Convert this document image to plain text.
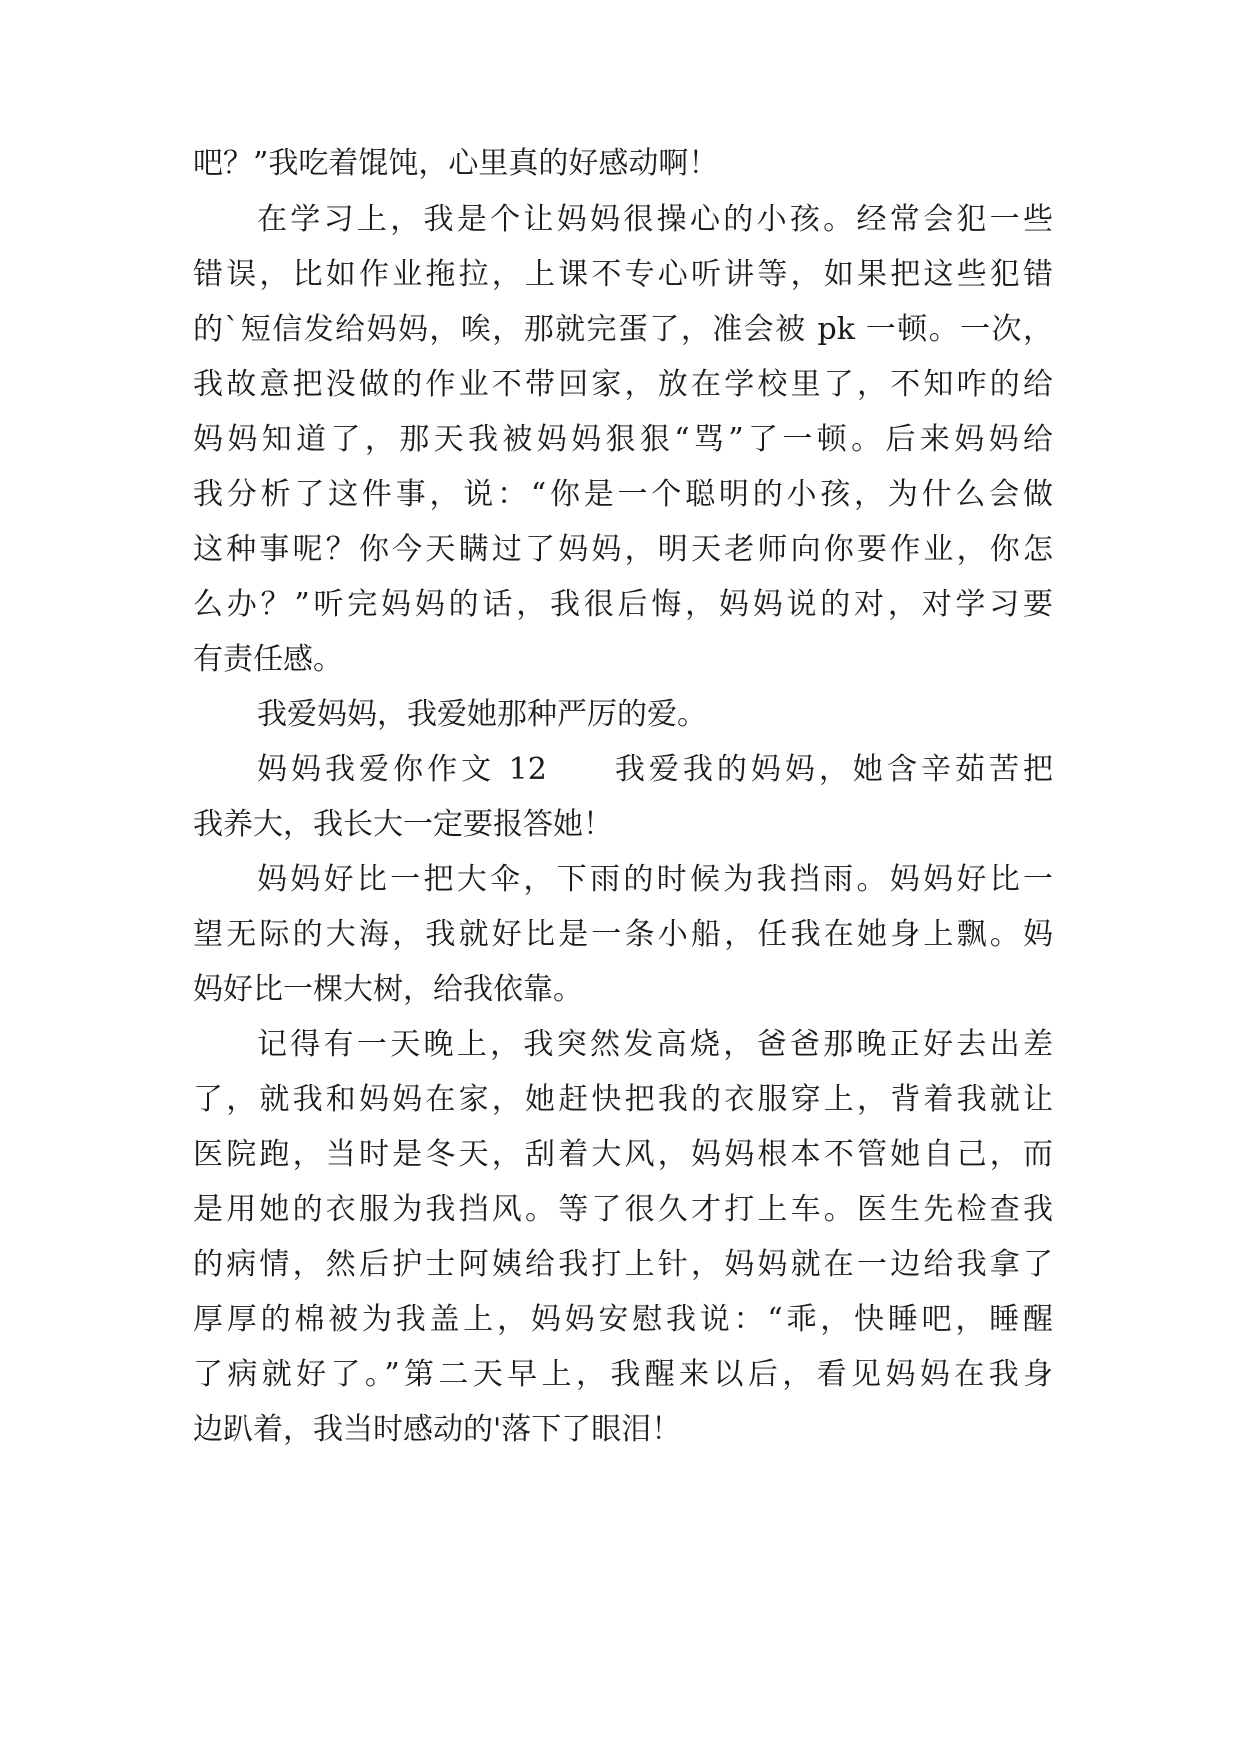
吧？”我吃着馄饨，心里真的好感动啊！
在学习上，我是个让妈妈很操心的小孩。经常会犯一些
错误，比如作业拖拉，上课不专心听讲等，如果把这些犯错
的`短信发给妈妈，唉，那就完蛋了，准会被 pk 一顿。一次，
我故意把没做的作业不带回家，放在学校里了，不知咋的给
妈妈知道了，那天我被妈妈狠狠“骂”了一顿。后来妈妈给
我分析了这件事，说：“你是一个聪明的小孩，为什么会做
这种事呢？你今天瞒过了妈妈，明天老师向你要作业，你怎
么办？”听完妈妈的话，我很后悔，妈妈说的对，对学习要
有责任感。
我爱妈妈，我爱她那种严厉的爱。
妈妈我爱你作文 12 我爱我的妈妈，她含辛茹苦把
我养大，我长大一定要报答她！
妈妈好比一把大伞，下雨的时候为我挡雨。妈妈好比一
望无际的大海，我就好比是一条小船，任我在她身上飘。妈
妈好比一棵大树，给我依靠。
记得有一天晚上，我突然发高烧，爸爸那晚正好去出差
了，就我和妈妈在家，她赶快把我的衣服穿上，背着我就让
医院跑，当时是冬天，刮着大风，妈妈根本不管她自己，而
是用她的衣服为我挡风。等了很久才打上车。医生先检查我
的病情，然后护士阿姨给我打上针，妈妈就在一边给我拿了
厚厚的棉被为我盖上，妈妈安慰我说：“乖，快睡吧，睡醒
了病就好了。”第二天早上，我醒来以后，看见妈妈在我身
边趴着，我当时感动的'落下了眼泪！
